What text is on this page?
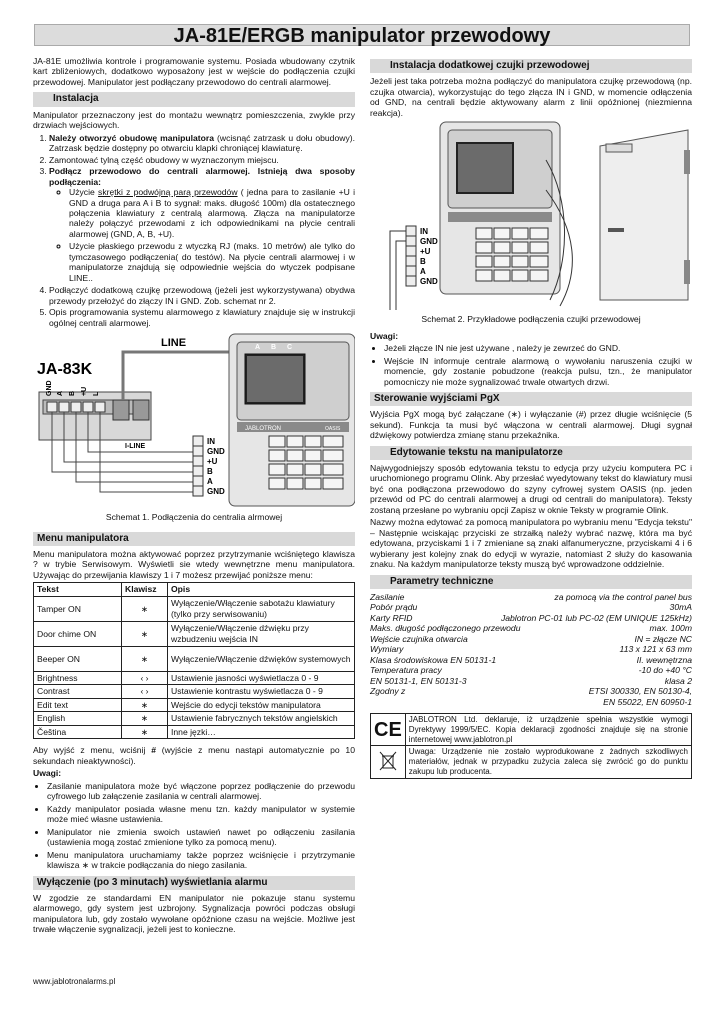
JA-81E/ERGB manipulator przewodowy

JA-81E umożliwia kontrole i programowanie systemu. Posiada wbudowany czytnik kart zbliżeniowych, dodatkowo wyposażony jest w wejście do podłączenia czujki przewodowej. Manipulator jest podłączany przewodowo do centrali alarmowej.

Instalacja

Manipulator przeznaczony jest do montażu wewnątrz pomieszczenia, zwykle przy drzwiach wejściowych.

1. Należy otworzyć obudowę manipulatora (wcisnąć zatrzask u dołu obudowy). Zatrzask będzie dostępny po otwarciu klapki chroniącej klawiaturę.
2. Zamontować tylną część obudowy w wyznaczonym miejscu.
3. Podłącz przewodowo do centrali alarmowej. Istnieją dwa sposoby podłączenia:
◦ Użycie skrętki z podwójną parą przewodów ( jedna para to zasilanie +U i GND a druga para A i B to sygnał: maks. długość 100m) dla ostatecznego połączenia klawiatury z centralą alarmową. Złącza na manipulatorze należy połączyć przewodami z ich odpowiednikami na płycie centrali alarmowej (GND, A, B, +U).
◦ Użycie płaskiego przewodu z wtyczką RJ (maks. 10 metrów) ale tylko do tymczasowego podłączenia( do testów). Na płycie centrali alarmowej i w manipulatorze znajdują się odpowiednie wejścia do wtyczek podpisane LINE..
4. Podłączyć dodatkową czujkę przewodową (jeżeli jest wykorzystywana) obydwa przewody przełożyć do złączy IN i GND. Zob. schemat nr 2.
5. Opis programowania systemu alarmowego z klawiatury znajduje się w instrukcji ogólnej centrali alarmowej.
JA-83K
GND A B +U L
I-LINE
LINE	A B C
JABLOTRON	OASIS
IN
GND
+U
B
A
GND

Schemat 1. Podłączenia do centralia alrmowej

Menu manipulatora

Menu manipulatora można aktywować poprzez przytrzymanie wciśniętego klawisza ? w trybie Serwisowym. Wyświetli sie wtedy wewnętrzne menu manipulatora. Używając do przewijania klawiszy 1 i 7 możesz przewijać poniższe menu:

Tekst	Klawisz	Opis
Tamper ON	∗	Wyłączenie/Włączenie sabotażu klawiatury (tylko przy serwisowaniu)
Door chime ON	∗	Wyłączenie/Włączenie dźwięku przy wzbudzeniu wejścia IN
Beeper ON	∗	Wyłączenie/Włączenie dźwięków systemowych
Brightness	‹ ›	Ustawienie jasności wyświetlacza 0 - 9
Contrast	‹ ›	Ustawienie kontrastu wyświetlacza 0 - 9
Edit text	∗	Wejście do edycji tekstów manipulatora
English	∗	Ustawienie fabrycznych tekstów angielskich
Čeština	∗	Inne jęzki…

Aby wyjść z menu, wciśnij # (wyjście z menu nastąpi automatycznie po 10 sekundach nieaktywności).

Uwagi:

• Zasilanie manipulatora może być włączone poprzez podłączenie do przewodu cyfrowego lub załączenie zasilania w centrali alarmowej.
• Każdy manipulator posiada własne menu tzn. każdy manipulator w systemie może mieć własne ustawienia.
• Manipulator nie zmienia swoich ustawień nawet po odłączeniu zasilania (ustawienia mogą zostać zmienione tylko za pomocą menu).
• Menu manipulatora uruchamiamy także poprzez wciśnięcie i przytrzymanie klawisza ∗ w trakcie podłączania do niego zasilania.
Wyłączenie (po 3 minutach) wyświetlania alarmu

W zgodzie ze standardami EN manipulator nie pokazuje stanu systemu alarmowego, gdy system jest uzbrojony. Sygnalizacja powróci podczas obsługi manipulatora lub, gdy zostało wywołane opóźnione czasu na wejście. Możliwe jest trwałe włączenie sygnalizacji, jeżeli jest to konieczne.

Instalacja dodatkowej czujki przewodowej

Jeżeli jest taka potrzeba można podłączyć do manipulatora czujkę przewodową (np. czujka otwarcia), wykorzystując do tego złącza IN i GND, w momencie odłączenia od GND, na centrali będzie aktywowany alarm z linii opóźnionej (niezmienna reakcja).

IN
GND
+U
B
A
GND

Schemat 2. Przykładowe podłączenia czujki przewodowej

Uwagi:

• Jeżeli złącze IN nie jest używane , należy je zewrzeć do GND.
• Wejście IN informuje centrale alarmową o wywołaniu naruszenia czujki w momencie, gdy zostanie pobudzone (reakcja pulsu, tzn., że manipulator pomocniczy nie może sygnalizować trwale otwartych drzwi.
Sterowanie wyjściami PgX

Wyjścia PgX mogą być załączane (∗) i wyłączanie (#) przez długie wciśnięcie (5 sekund). Funkcja ta musi być włączona w centrali alarmowej. Długi sygnał dźwiękowy potwierdza zmianę stanu przekaźnika.

Edytowanie tekstu na manipulatorze

Najwygodniejszy sposób edytowania tekstu to edycja przy użyciu komputera PC i uruchomionego programu Olink. Aby przesłać wyedytowany tekst do klawiatury musi być ona podłączona przewodowo do szyny cyfrowej system OASIS (np. jeden przewód od PC do centrali alarmowej a drugi od centrali do manipulatora). Teksty zostaną przesłane po wybraniu opcji Zapisz w oknie Teksty w programie Olink.

Nazwy można edytować za pomocą manipulatora po wybraniu menu "Edycja tekstu" – Następnie wciskając przyciski ze strzałką należy wybrać nazwę, która ma być edytowana, przyciskami 1 i 7 zmieniane są znaki alfanumeryczne, przyciskami 4 i 6 wybierany jest kolejny znak do edycji w wyrazie, natomiast 2 służy do kasowania znaku. Na każdym manipulatorze teksty muszą być wprowadzone oddzielnie.

Parametry techniczne
Zasilanie	za pomocą via the control panel bus
Pobór prądu	30mA
Karty RFID	Jablotron PC-01 lub PC-02 (EM UNIQUE 125kHz)
Maks. długość podłączonego przewodu	max. 100m
Wejście czujnika otwarcia	IN = złącze NC
Wymiary	113 x 121 x 63 mm
Klasa środowiskowa EN 50131-1	II. wewnętrzna
Temperatura pracy	-10 do +40 °C
EN 50131-1, EN 50131-3	klasa 2
Zgodny z	ETSI 300330, EN 50130-4,
EN 55022, EN 60950-1
CE	JABLOTRON Ltd. deklaruje, iż urządzenie spełnia wszystkie wymogi Dyrektywy 1999/5/EC. Kopia deklaracji zgodności znajduje się na stronie internetowej www.jablotron.pl
	Uwaga: Urządzenie nie zostało wyprodukowane z żadnych szkodliwych materiałów, jednak w przypadku zużycia zaleca się zwrócić go do punktu zakupu lub producenta.
www.jablotronalarms.pl
